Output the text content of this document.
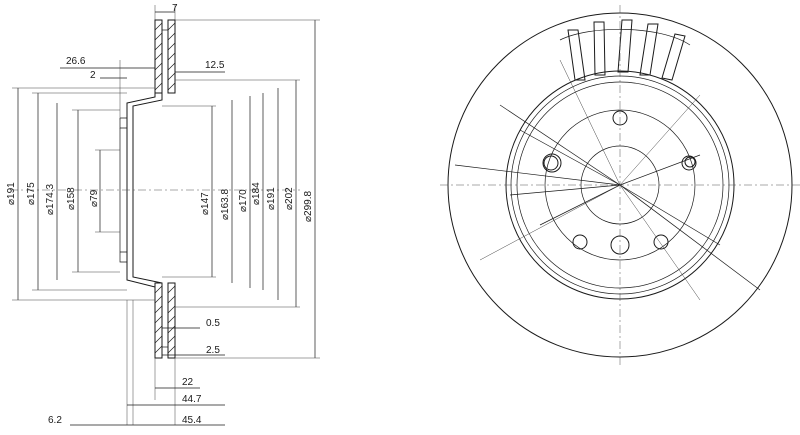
7
26.6
2
12.5
⌀191 ⌀175 ⌀174.3 ⌀158 ⌀79	⌀147 ⌀163.8 ⌀170 ⌀184 ⌀191 ⌀202 ⌀299.8
0.5
2.5
22
44.7
6.2	45.4
